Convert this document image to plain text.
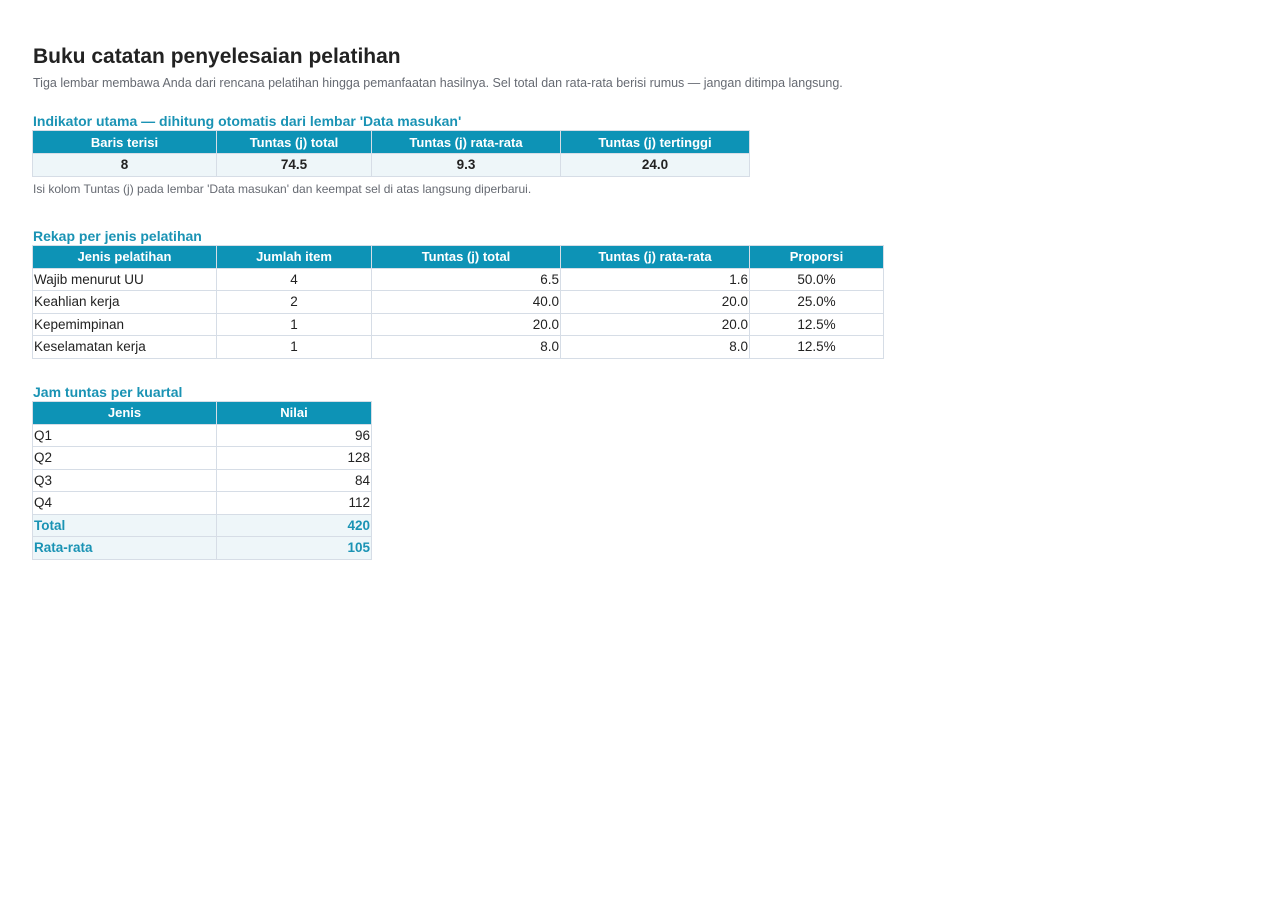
Buku catatan penyelesaian pelatihan
Tiga lembar membawa Anda dari rencana pelatihan hingga pemanfaatan hasilnya. Sel total dan rata-rata berisi rumus — jangan ditimpa langsung.
Indikator utama — dihitung otomatis dari lembar 'Data masukan'
Baris terisi	Tuntas (j) total	Tuntas (j) rata-rata	Tuntas (j) tertinggi
8	74.5	9.3	24.0
Isi kolom Tuntas (j) pada lembar 'Data masukan' dan keempat sel di atas langsung diperbarui.
Rekap per jenis pelatihan
Jenis pelatihan	Jumlah item	Tuntas (j) total	Tuntas (j) rata-rata	Proporsi
Wajib menurut UU	4	6.5	1.6	50.0%
Keahlian kerja	2	40.0	20.0	25.0%
Kepemimpinan	1	20.0	20.0	12.5%
Keselamatan kerja	1	8.0	8.0	12.5%
Jam tuntas per kuartal
Jenis	Nilai
Q1	96
Q2	128
Q3	84
Q4	112
Total	420
Rata-rata	105
